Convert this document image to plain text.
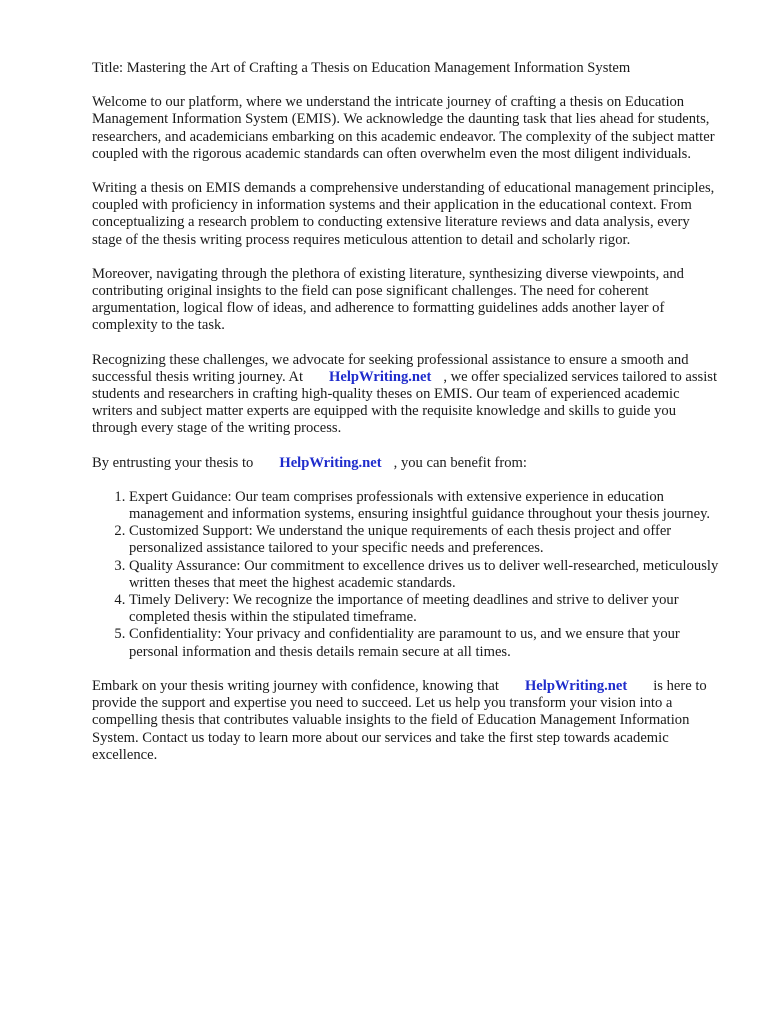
Title: Mastering the Art of Crafting a Thesis on Education Management Information System

Welcome to our platform, where we understand the intricate journey of crafting a thesis on Education Management Information System (EMIS). We acknowledge the daunting task that lies ahead for students, researchers, and academicians embarking on this academic endeavor. The complexity of the subject matter coupled with the rigorous academic standards can often overwhelm even the most diligent individuals.

Writing a thesis on EMIS demands a comprehensive understanding of educational management principles, coupled with proficiency in information systems and their application in the educational context. From conceptualizing a research problem to conducting extensive literature reviews and data analysis, every stage of the thesis writing process requires meticulous attention to detail and scholarly rigor.

Moreover, navigating through the plethora of existing literature, synthesizing diverse viewpoints, and contributing original insights to the field can pose significant challenges. The need for coherent argumentation, logical flow of ideas, and adherence to formatting guidelines adds another layer of complexity to the task.

Recognizing these challenges, we advocate for seeking professional assistance to ensure a smooth and successful thesis writing journey. At HelpWriting.net , we offer specialized services tailored to assist students and researchers in crafting high-quality theses on EMIS. Our team of experienced academic writers and subject matter experts are equipped with the requisite knowledge and skills to guide you through every stage of the writing process.

By entrusting your thesis to HelpWriting.net , you can benefit from:

1. Expert Guidance: Our team comprises professionals with extensive experience in education management and information systems, ensuring insightful guidance throughout your thesis journey.
2. Customized Support: We understand the unique requirements of each thesis project and offer personalized assistance tailored to your specific needs and preferences.
3. Quality Assurance: Our commitment to excellence drives us to deliver well-researched, meticulously written theses that meet the highest academic standards.
4. Timely Delivery: We recognize the importance of meeting deadlines and strive to deliver your completed thesis within the stipulated timeframe.
5. Confidentiality: Your privacy and confidentiality are paramount to us, and we ensure that your personal information and thesis details remain secure at all times.

Embark on your thesis writing journey with confidence, knowing that HelpWriting.net is here to provide the support and expertise you need to succeed. Let us help you transform your vision into a compelling thesis that contributes valuable insights to the field of Education Management Information System. Contact us today to learn more about our services and take the first step towards academic excellence.
